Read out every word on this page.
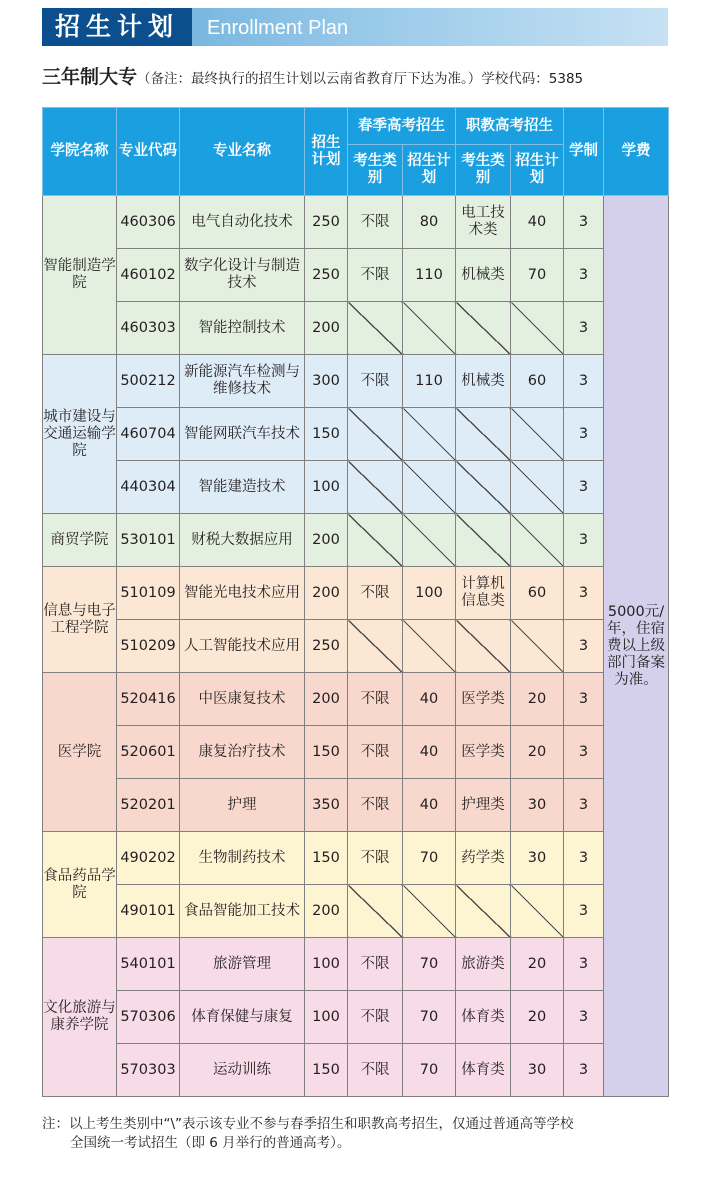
招生计划	Enrollment Plan
三年制大专（备注：最终执行的招生计划以云南省教育厅下达为准。）学校代码：5385
学院名称	专业代码	专业名称	招生计划	春季高考招生		职教高考招生		学制	学费
				考生类别	招生计划	考生类别	招生计划		
智能制造学院	460306	电气自动化技术	250	不限	80	电工技术类	40	3	5000元/年，住宿费以上级部门备案为准。
	460102	数字化设计与制造技术	250	不限	110	机械类	70	3	
	460303	智能控制技术	200					3	
城市建设与交通运输学院	500212	新能源汽车检测与维修技术	300	不限	110	机械类	60	3	
	460704	智能网联汽车技术	150					3	
	440304	智能建造技术	100					3	
商贸学院	530101	财税大数据应用	200					3	
信息与电子工程学院	510109	智能光电技术应用	200	不限	100	计算机信息类	60	3	
	510209	人工智能技术应用	250					3	
医学院	520416	中医康复技术	200	不限	40	医学类	20	3	
	520601	康复治疗技术	150	不限	40	医学类	20	3	
	520201	护理	350	不限	40	护理类	30	3	
食品药品学院	490202	生物制药技术	150	不限	70	药学类	30	3	
	490101	食品智能加工技术	200					3	
文化旅游与康养学院	540101	旅游管理	100	不限	70	旅游类	20	3	
	570306	体育保健与康复	100	不限	70	体育类	20	3	
	570303	运动训练	150	不限	70	体育类	30	3	
注：以上考生类别中“\”表示该专业不参与春季招生和职教高考招生，仅通过普通高等学校
全国统一考试招生（即 6 月举行的普通高考）。
